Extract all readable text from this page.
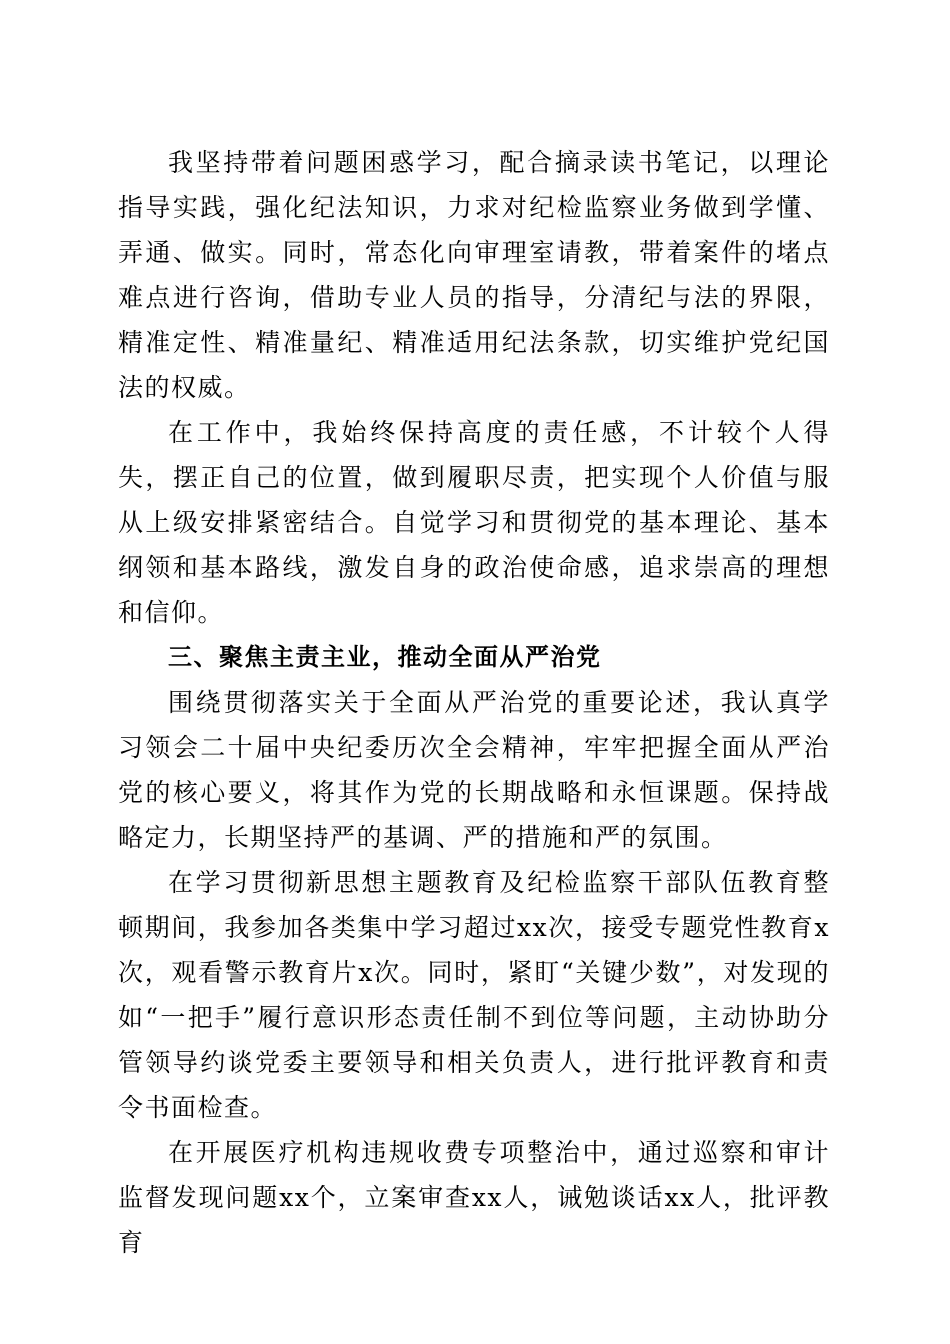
我坚持带着问题困惑学习，配合摘录读书笔记，以理论指导实践，强化纪法知识，力求对纪检监察业务做到学懂、弄通、做实。同时，常态化向审理室请教，带着案件的堵点难点进行咨询，借助专业人员的指导，分清纪与法的界限，精准定性、精准量纪、精准适用纪法条款，切实维护党纪国法的权威。

在工作中，我始终保持高度的责任感，不计较个人得失，摆正自己的位置，做到履职尽责，把实现个人价值与服从上级安排紧密结合。自觉学习和贯彻党的基本理论、基本纲领和基本路线，激发自身的政治使命感，追求崇高的理想和信仰。

三、聚焦主责主业，推动全面从严治党

围绕贯彻落实关于全面从严治党的重要论述，我认真学习领会二十届中央纪委历次全会精神，牢牢把握全面从严治党的核心要义，将其作为党的长期战略和永恒课题。保持战略定力，长期坚持严的基调、严的措施和严的氛围。

在学习贯彻新思想主题教育及纪检监察干部队伍教育整顿期间，我参加各类集中学习超过xx次，接受专题党性教育x次，观看警示教育片x次。同时，紧盯“关键少数”，对发现的如“一把手”履行意识形态责任制不到位等问题，主动协助分管领导约谈党委主要领导和相关负责人，进行批评教育和责令书面检查。

在开展医疗机构违规收费专项整治中，通过巡察和审计监督发现问题xx个，立案审查xx人，诫勉谈话xx人，批评教育
